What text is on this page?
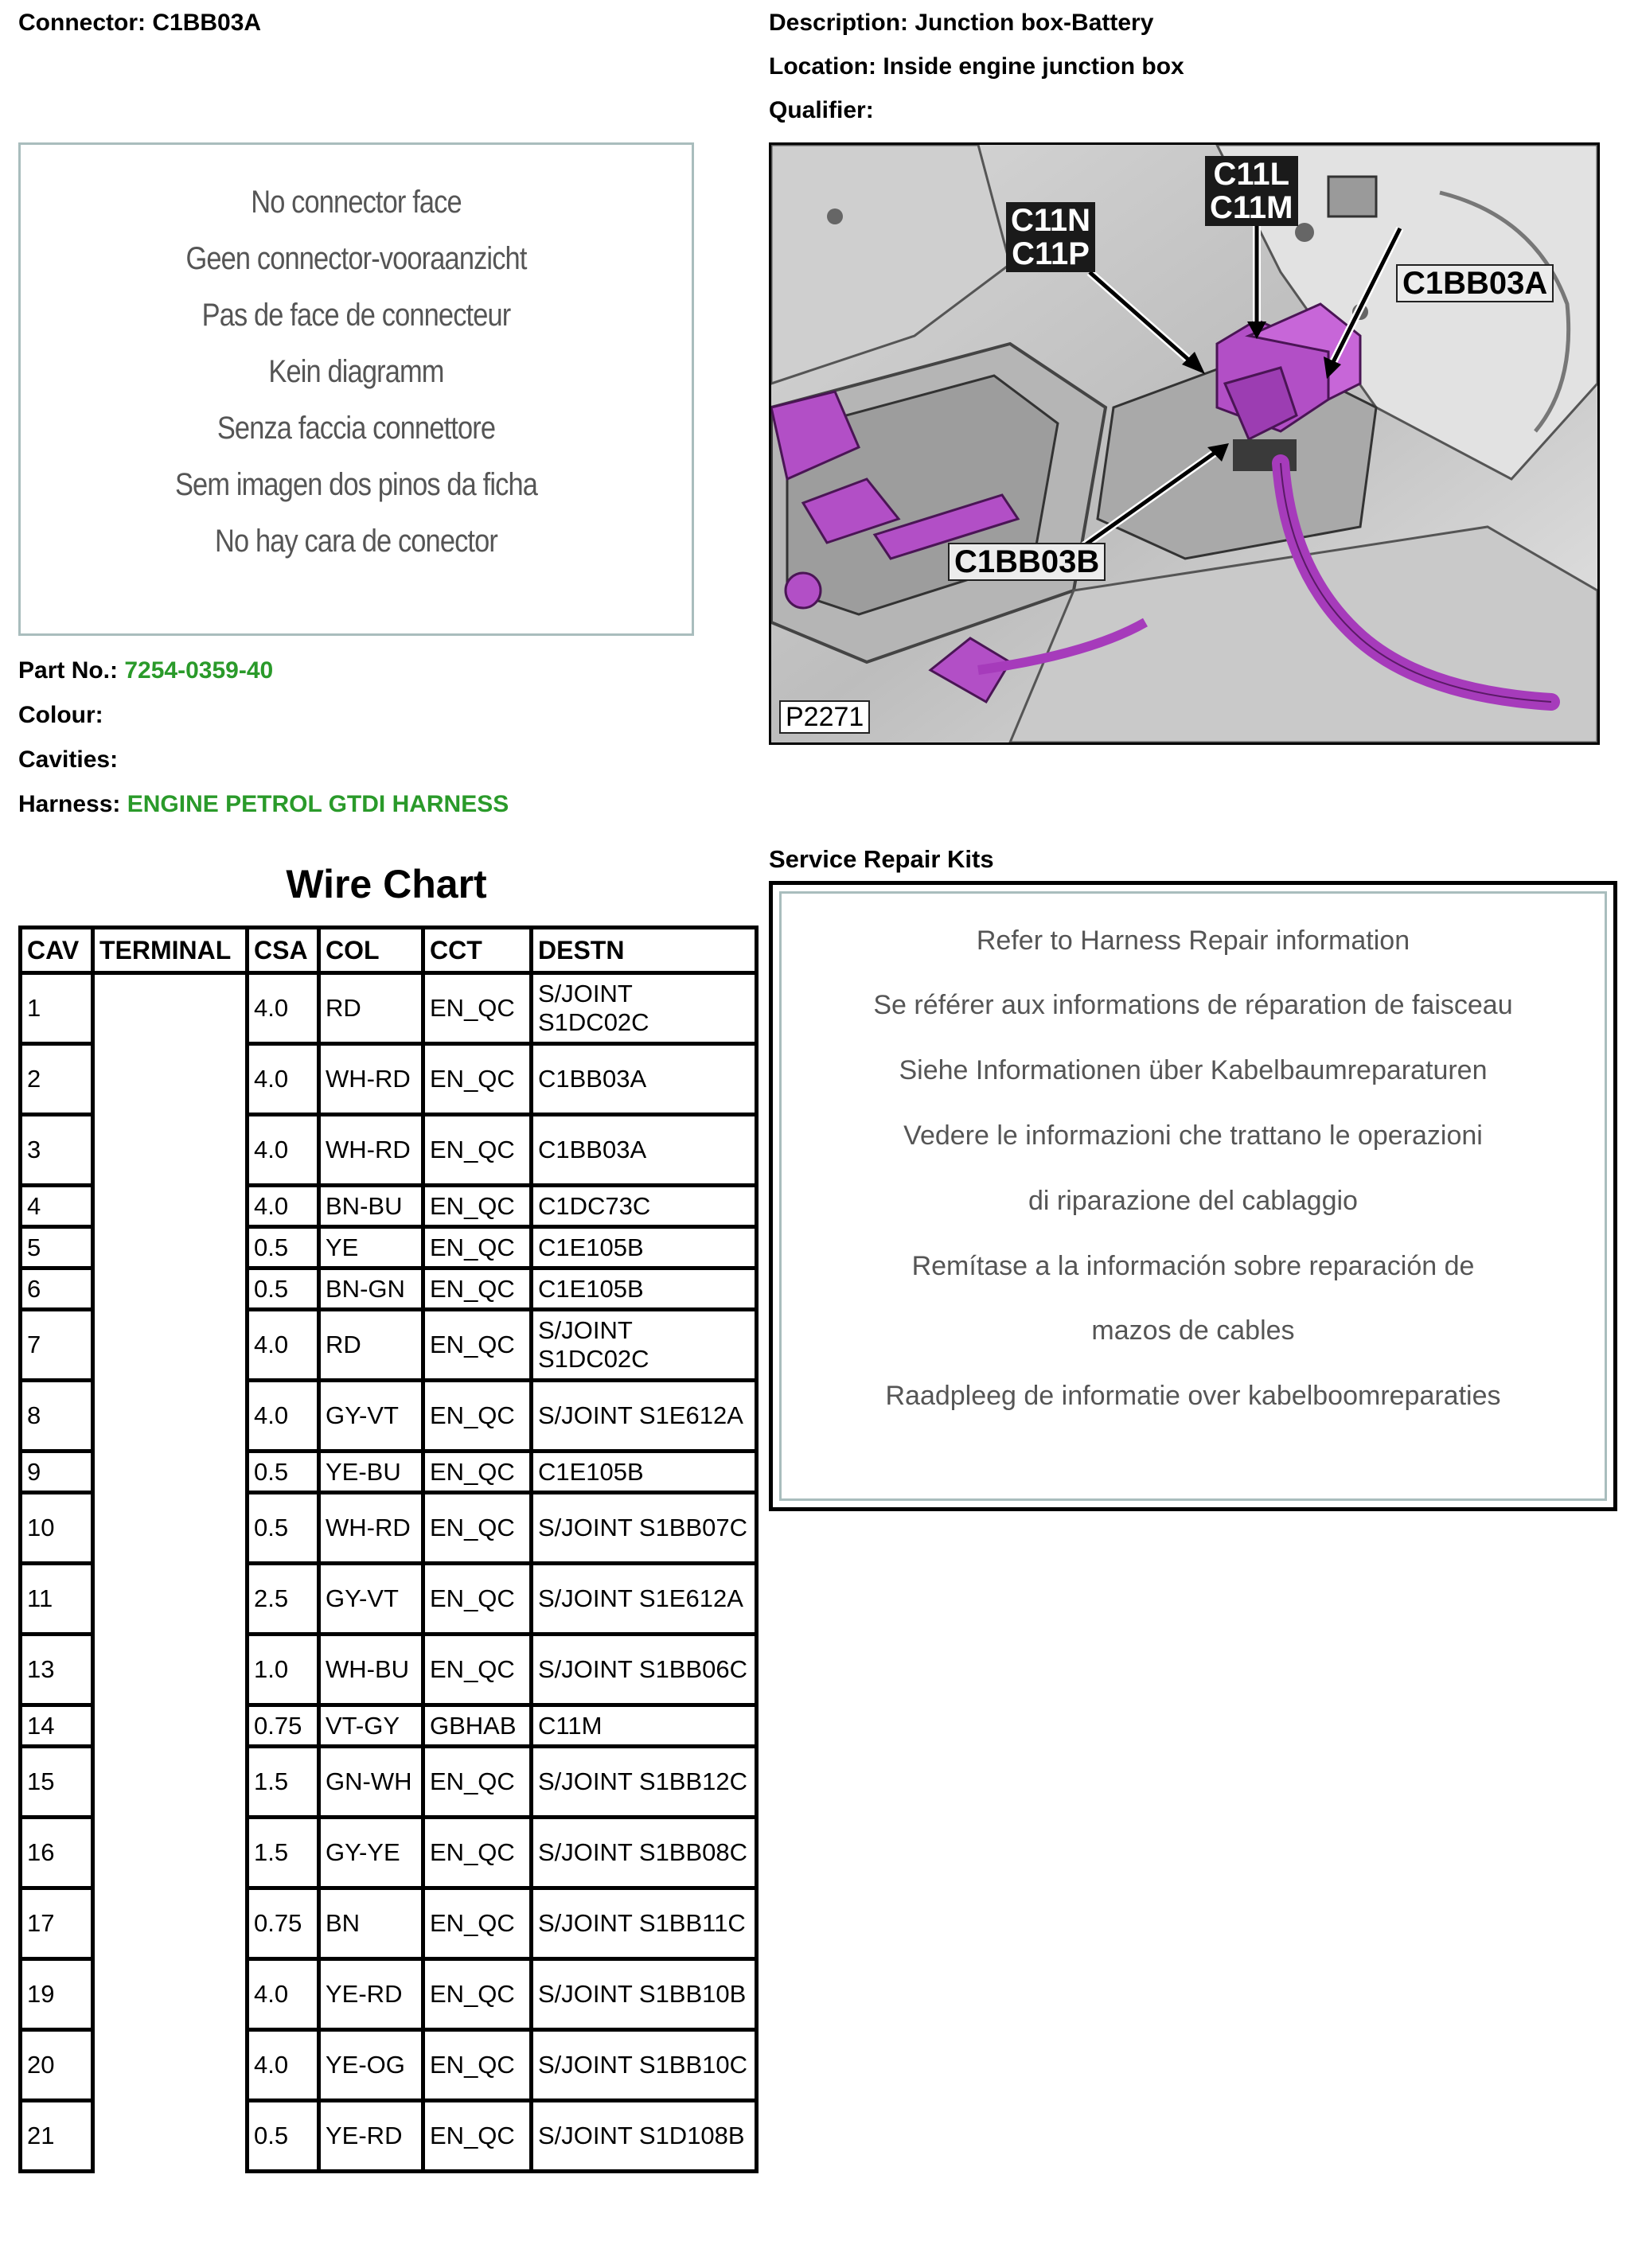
Connector: C1BB03A	Description: Junction box-Battery
Location: Inside engine junction box
Qualifier:
No connector face
Geen connector-vooraanzicht
Pas de face de connecteur
Kein diagramm
Senza faccia connettore
Sem imagen dos pinos da ficha
No hay cara de conector
Part No.: 7254-0359-40
Colour:
Cavities:
Harness: ENGINE PETROL GTDI HARNESS
C11L
C11M
C11N
C11P
C1BB03A
C1BB03B
P2271
Wire Chart
CAV	TERMINAL	CSA	COL	CCT	DESTN
1		4.0	RD	EN_QC	S/JOINT S1DC02C
2		4.0	WH-RD	EN_QC	C1BB03A
3		4.0	WH-RD	EN_QC	C1BB03A
4		4.0	BN-BU	EN_QC	C1DC73C
5		0.5	YE	EN_QC	C1E105B
6		0.5	BN-GN	EN_QC	C1E105B
7		4.0	RD	EN_QC	S/JOINT S1DC02C
8		4.0	GY-VT	EN_QC	S/JOINT S1E612A
9		0.5	YE-BU	EN_QC	C1E105B
10		0.5	WH-RD	EN_QC	S/JOINT S1BB07C
11		2.5	GY-VT	EN_QC	S/JOINT S1E612A
13		1.0	WH-BU	EN_QC	S/JOINT S1BB06C
14		0.75	VT-GY	GBHAB	C11M
15		1.5	GN-WH	EN_QC	S/JOINT S1BB12C
16		1.5	GY-YE	EN_QC	S/JOINT S1BB08C
17		0.75	BN	EN_QC	S/JOINT S1BB11C
19		4.0	YE-RD	EN_QC	S/JOINT S1BB10B
20		4.0	YE-OG	EN_QC	S/JOINT S1BB10C
21		0.5	YE-RD	EN_QC	S/JOINT S1D108B
Service Repair Kits
Refer to Harness Repair information
Se référer aux informations de réparation de faisceau
Siehe Informationen über Kabelbaumreparaturen
Vedere le informazioni che trattano le operazioni
di riparazione del cablaggio
Remítase a la información sobre reparación de
mazos de cables
Raadpleeg de informatie over kabelboomreparaties
